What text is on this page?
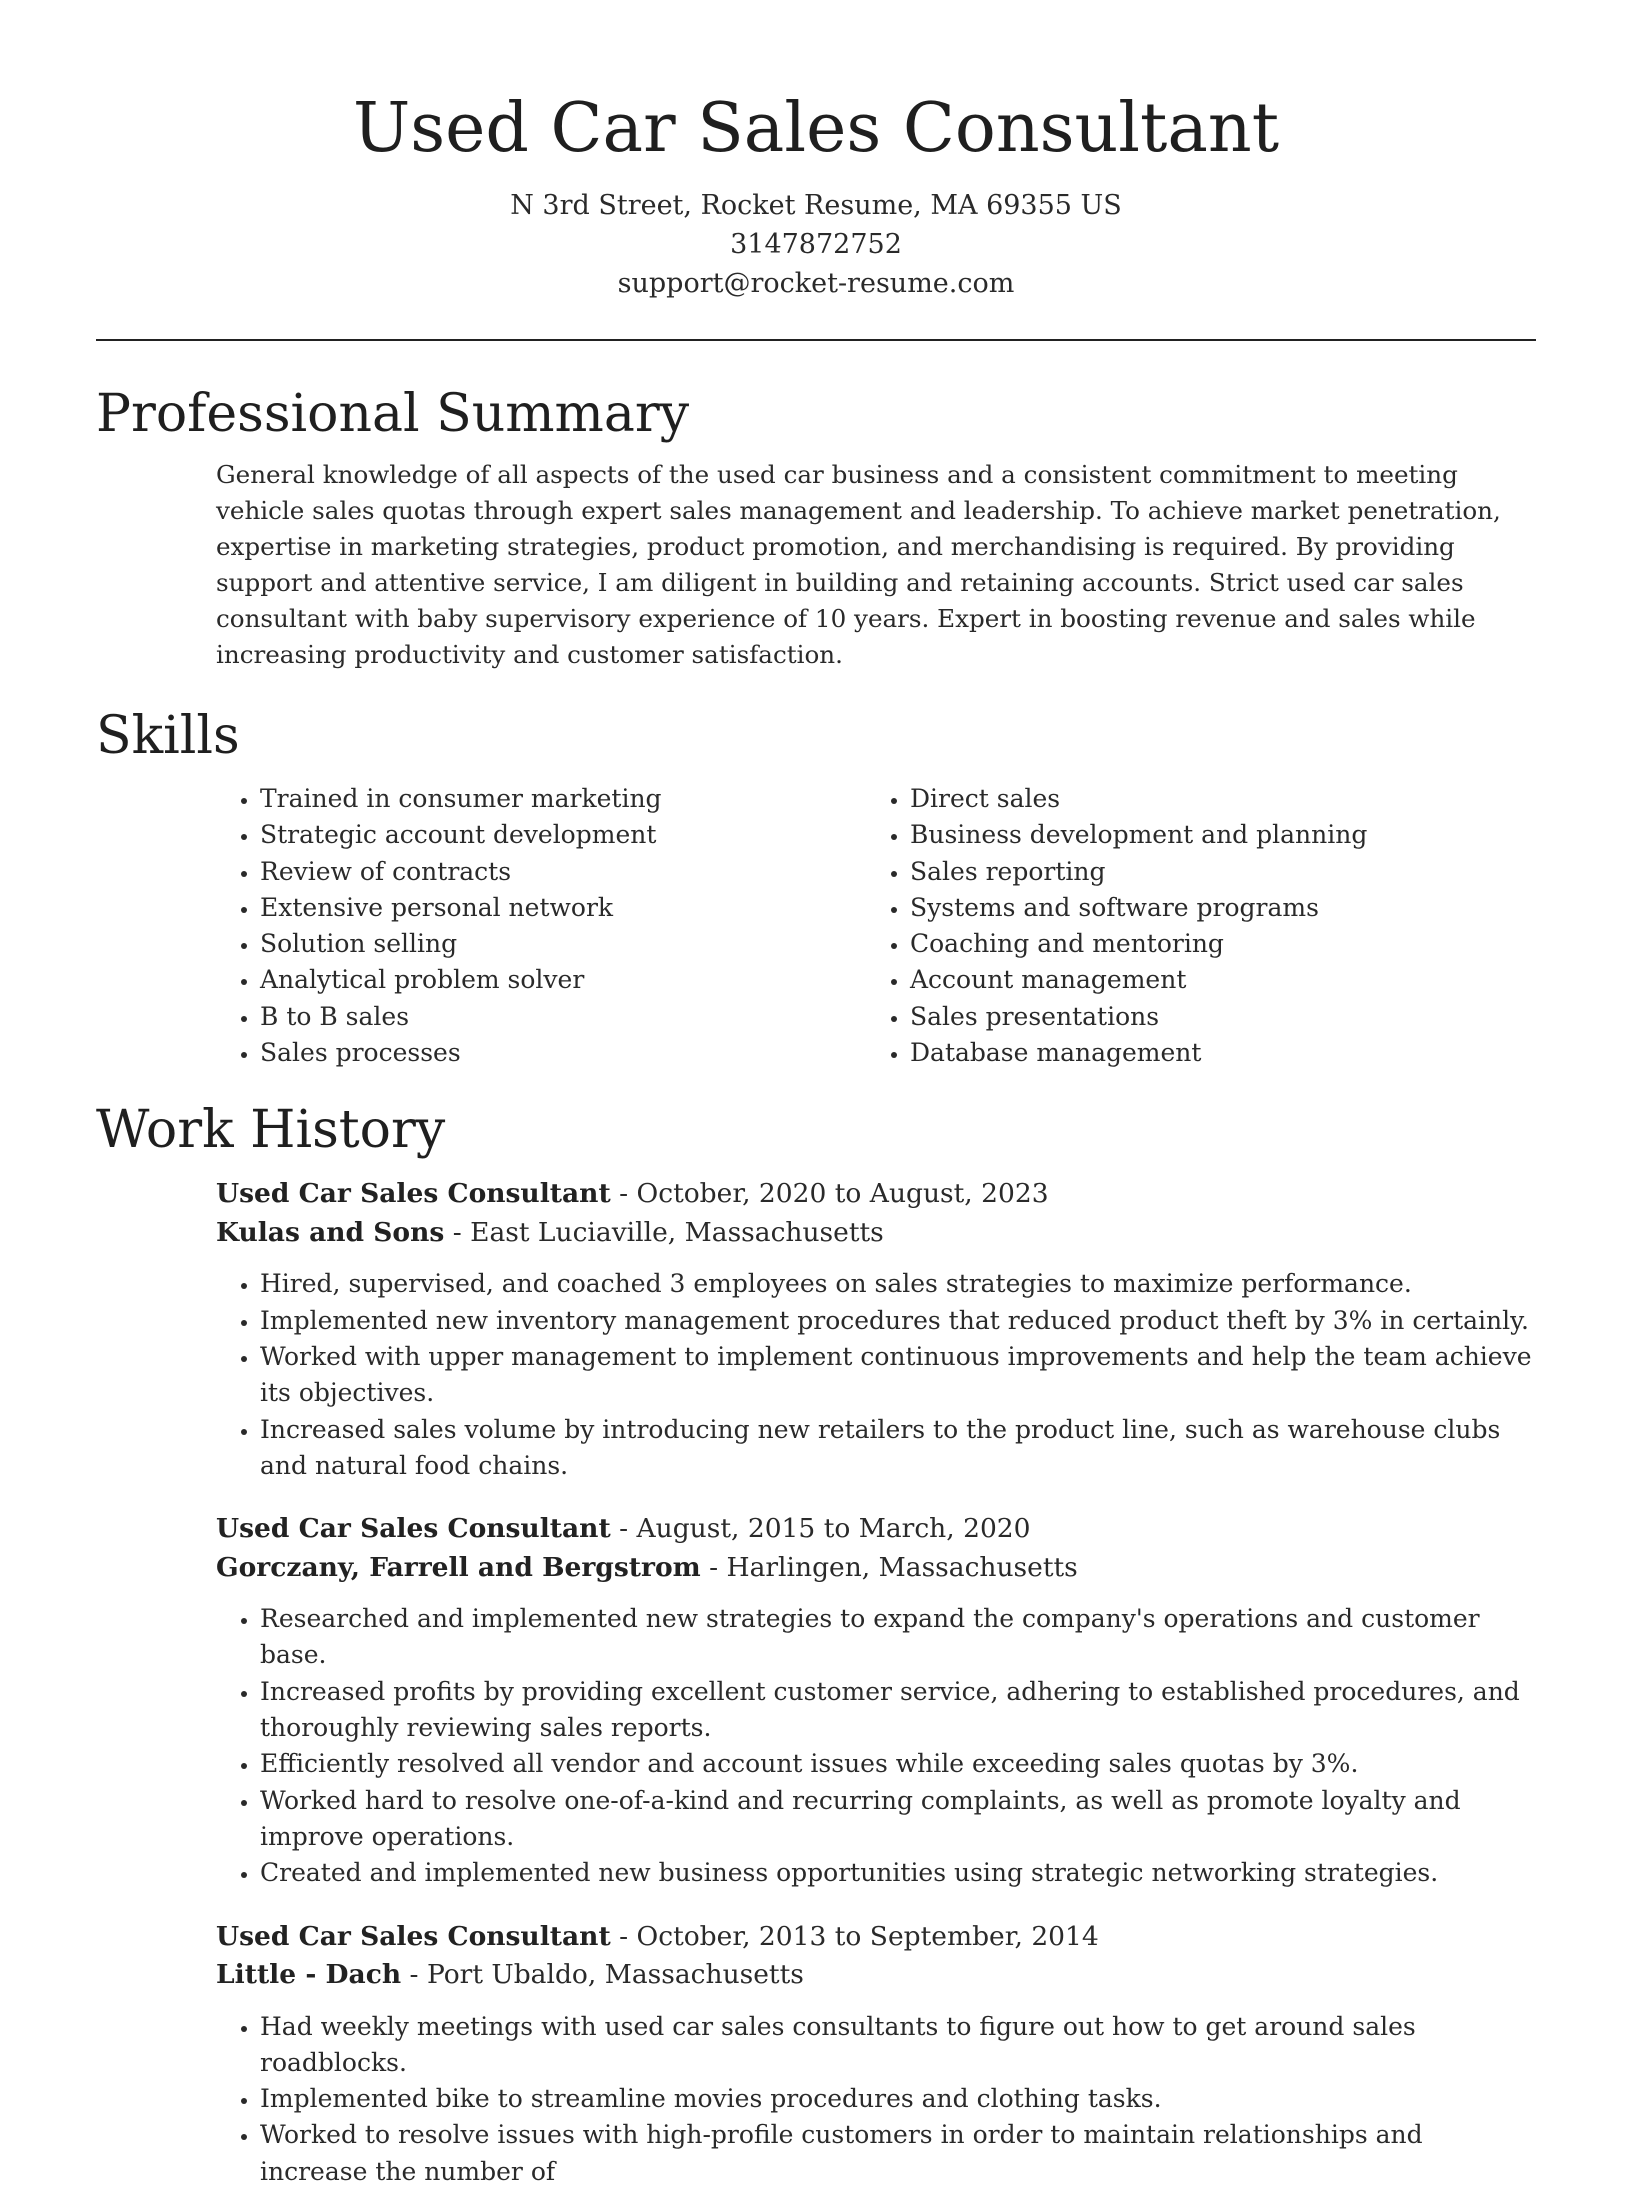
Used Car Sales Consultant
N 3rd Street, Rocket Resume, MA 69355 US
3147872752
support@rocket-resume.com
Professional Summary

General knowledge of all aspects of the used car business and a consistent commitment to meeting vehicle sales quotas through expert sales management and leadership. To achieve market penetration, expertise in marketing strategies, product promotion, and merchandising is required. By providing support and attentive service, I am diligent in building and retaining accounts. Strict used car sales consultant with baby supervisory experience of 10 years. Expert in boosting revenue and sales while increasing productivity and customer satisfaction.

Skills
• Trained in consumer marketing
• Strategic account development
• Review of contracts
• Extensive personal network
• Solution selling
• Analytical problem solver
• B to B sales
• Sales processes
• Direct sales
• Business development and planning
• Sales reporting
• Systems and software programs
• Coaching and mentoring
• Account management
• Sales presentations
• Database management
Work History
Used Car Sales Consultant - October, 2020 to August, 2023
Kulas and Sons - East Luciaville, Massachusetts
• Hired, supervised, and coached 3 employees on sales strategies to maximize performance.
• Implemented new inventory management procedures that reduced product theft by 3% in certainly.
• Worked with upper management to implement continuous improvements and help the team achieve its objectives.
• Increased sales volume by introducing new retailers to the product line, such as warehouse clubs and natural food chains.
Used Car Sales Consultant - August, 2015 to March, 2020
Gorczany, Farrell and Bergstrom - Harlingen, Massachusetts
• Researched and implemented new strategies to expand the company's operations and customer base.
• Increased profits by providing excellent customer service, adhering to established procedures, and thoroughly reviewing sales reports.
• Efficiently resolved all vendor and account issues while exceeding sales quotas by 3%.
• Worked hard to resolve one-of-a-kind and recurring complaints, as well as promote loyalty and improve operations.
• Created and implemented new business opportunities using strategic networking strategies.
Used Car Sales Consultant - October, 2013 to September, 2014
Little - Dach - Port Ubaldo, Massachusetts
• Had weekly meetings with used car sales consultants to figure out how to get around sales roadblocks.
• Implemented bike to streamline movies procedures and clothing tasks.
• Worked to resolve issues with high-profile customers in order to maintain relationships and increase the number of
